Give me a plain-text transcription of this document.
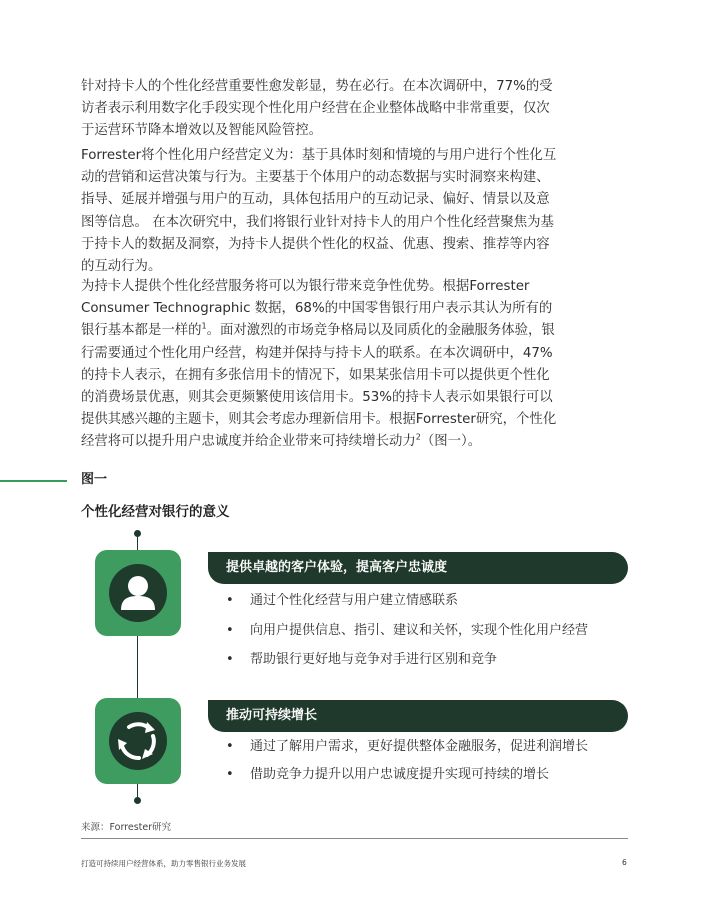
针对持卡人的个性化经营重要性愈发彰显，势在必行。在本次调研中，77%的受访者表示利用数字化手段实现个性化用户经营在企业整体战略中非常重要，仅次于运营环节降本增效以及智能风险管控。

Forrester将个性化用户经营定义为：基于具体时刻和情境的与用户进行个性化互动的营销和运营决策与行为。主要基于个体用户的动态数据与实时洞察来构建、指导、延展并增强与用户的互动，具体包括用户的互动记录、偏好、情景以及意图等信息。 在本次研究中，我们将银行业针对持卡人的用户个性化经营聚焦为基于持卡人的数据及洞察，为持卡人提供个性化的权益、优惠、搜索、推荐等内容的互动行为。

为持卡人提供个性化经营服务将可以为银行带来竞争性优势。根据Forrester Consumer Technographic 数据，68%的中国零售银行用户表示其认为所有的银行基本都是一样的$^1$。面对激烈的市场竞争格局以及同质化的金融服务体验，银行需要通过个性化用户经营，构建并保持与持卡人的联系。在本次调研中，47%的持卡人表示，在拥有多张信用卡的情况下，如果某张信用卡可以提供更个性化的消费场景优惠，则其会更频繁使用该信用卡。53%的持卡人表示如果银行可以提供其感兴趣的主题卡，则其会考虑办理新信用卡。根据Forrester研究，个性化经营将可以提升用户忠诚度并给企业带来可持续增长动力$^2$（图一）。

图一
个性化经营对银行的意义
提供卓越的客户体验，提高客户忠诚度
• 通过个性化经营与用户建立情感联系
• 向用户提供信息、指引、建议和关怀，实现个性化用户经营
• 帮助银行更好地与竞争对手进行区别和竞争
推动可持续增长
• 通过了解用户需求，更好提供整体金融服务，促进利润增长
• 借助竞争力提升以用户忠诚度提升实现可持续的增长
来源：Forrester研究
打造可持续用户经营体系，助力零售银行业务发展	6
